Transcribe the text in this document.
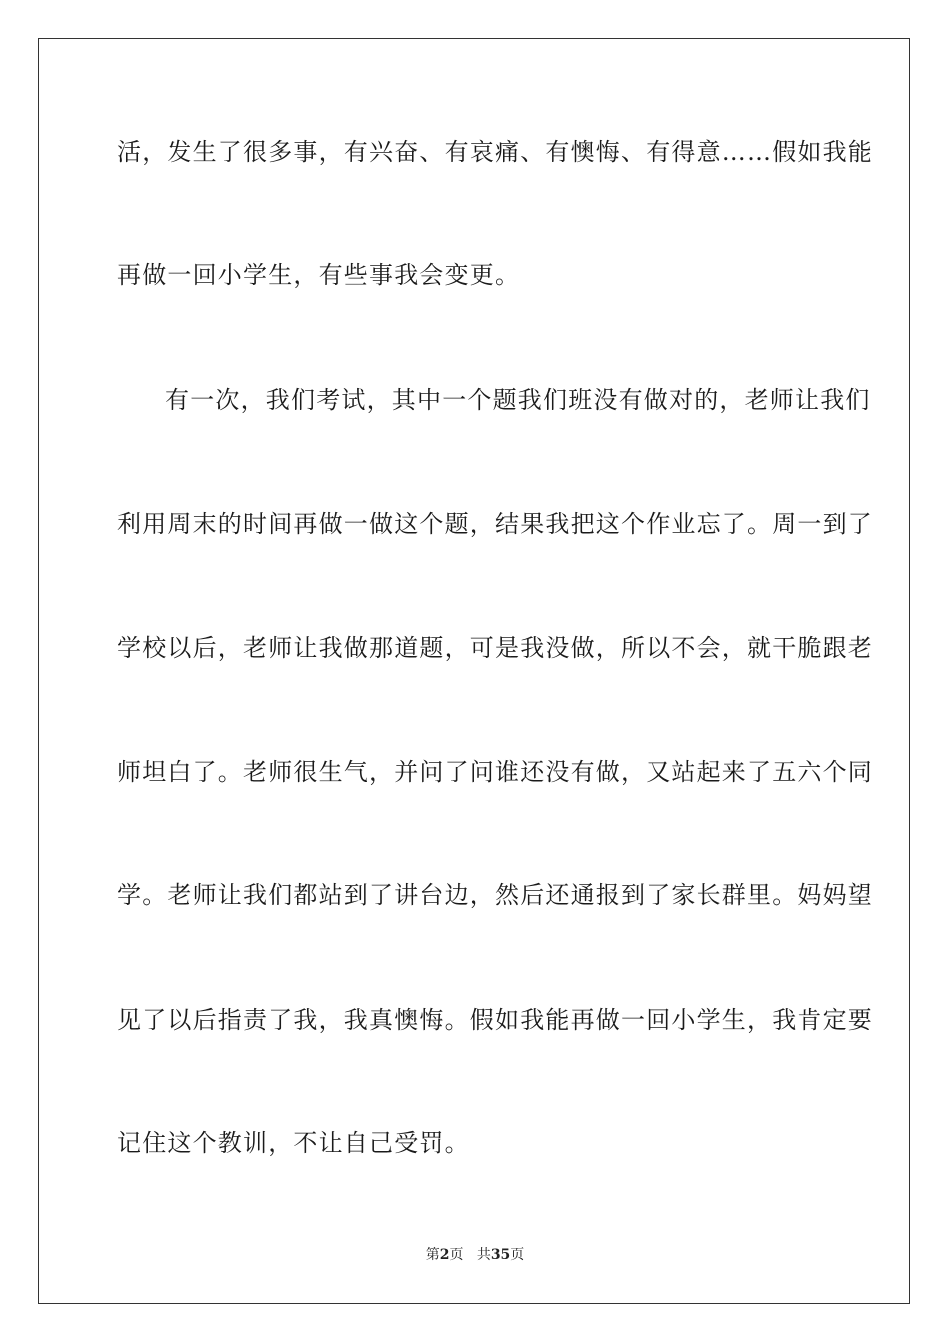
活，发生了很多事，有兴奋、有哀痛、有懊悔、有得意……假如我能
再做一回小学生，有些事我会变更。
有一次，我们考试，其中一个题我们班没有做对的，老师让我们
利用周末的时间再做一做这个题，结果我把这个作业忘了。周一到了
学校以后，老师让我做那道题，可是我没做，所以不会，就干脆跟老
师坦白了。老师很生气，并问了问谁还没有做，又站起来了五六个同
学。老师让我们都站到了讲台边，然后还通报到了家长群里。妈妈望
见了以后指责了我，我真懊悔。假如我能再做一回小学生，我肯定要
记住这个教训，不让自己受罚。
第2页 共35页
